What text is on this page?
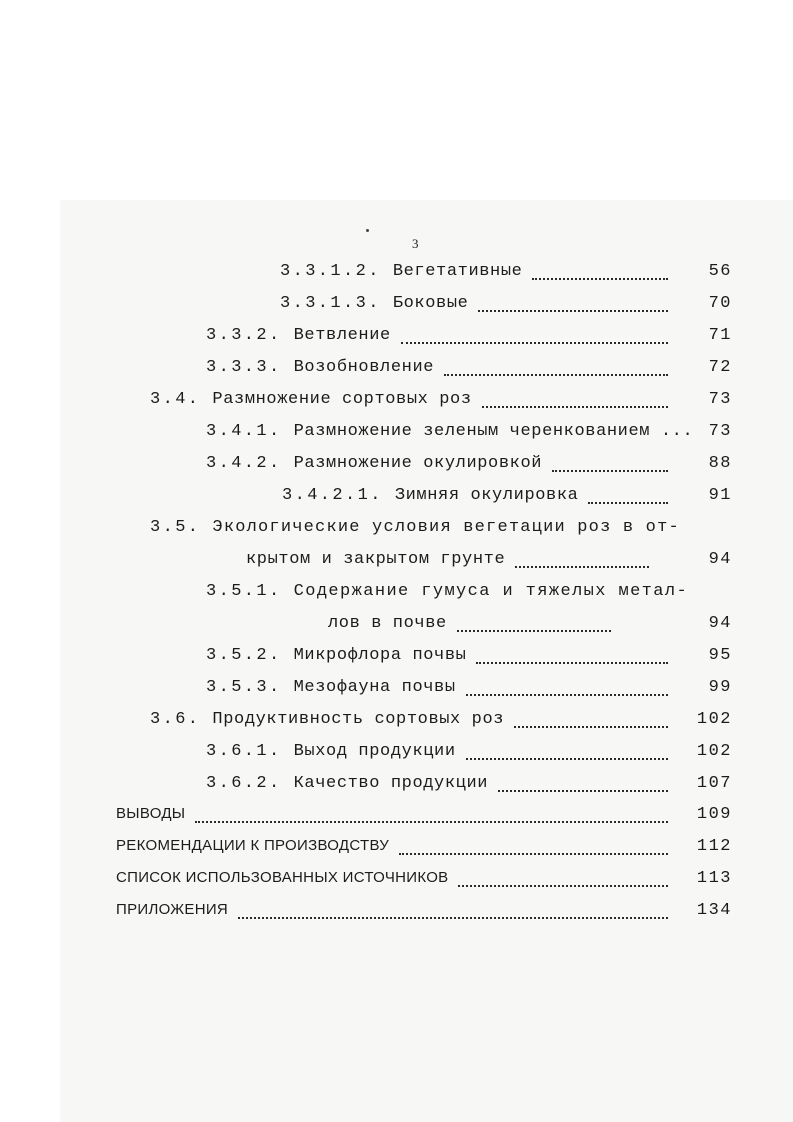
3
3.3.1.2. Вегетативные	56
3.3.1.3. Боковые	70
3.3.2. Ветвление	71
3.3.3. Возобновление	72
3.4. Размножение сортовых роз	73
3.4.1. Размножение зеленым черенкованием ... 73
3.4.2. Размножение окулировкой	88
3.4.2.1. Зимняя окулировка	91
3.5. Экологические условия вегетации роз в от-
крытом и закрытом грунте	94
3.5.1. Содержание гумуса и тяжелых метал-
лов в почве	94
3.5.2. Микрофлора почвы	95
3.5.3. Мезофауна почвы	99
3.6. Продуктивность сортовых роз	102
3.6.1. Выход продукции	102
3.6.2. Качество продукции	107
ВЫВОДЫ	109
РЕКОМЕНДАЦИИ К ПРОИЗВОДСТВУ	112
СПИСОК ИСПОЛЬЗОВАННЫХ ИСТОЧНИКОВ	113
ПРИЛОЖЕНИЯ	134
